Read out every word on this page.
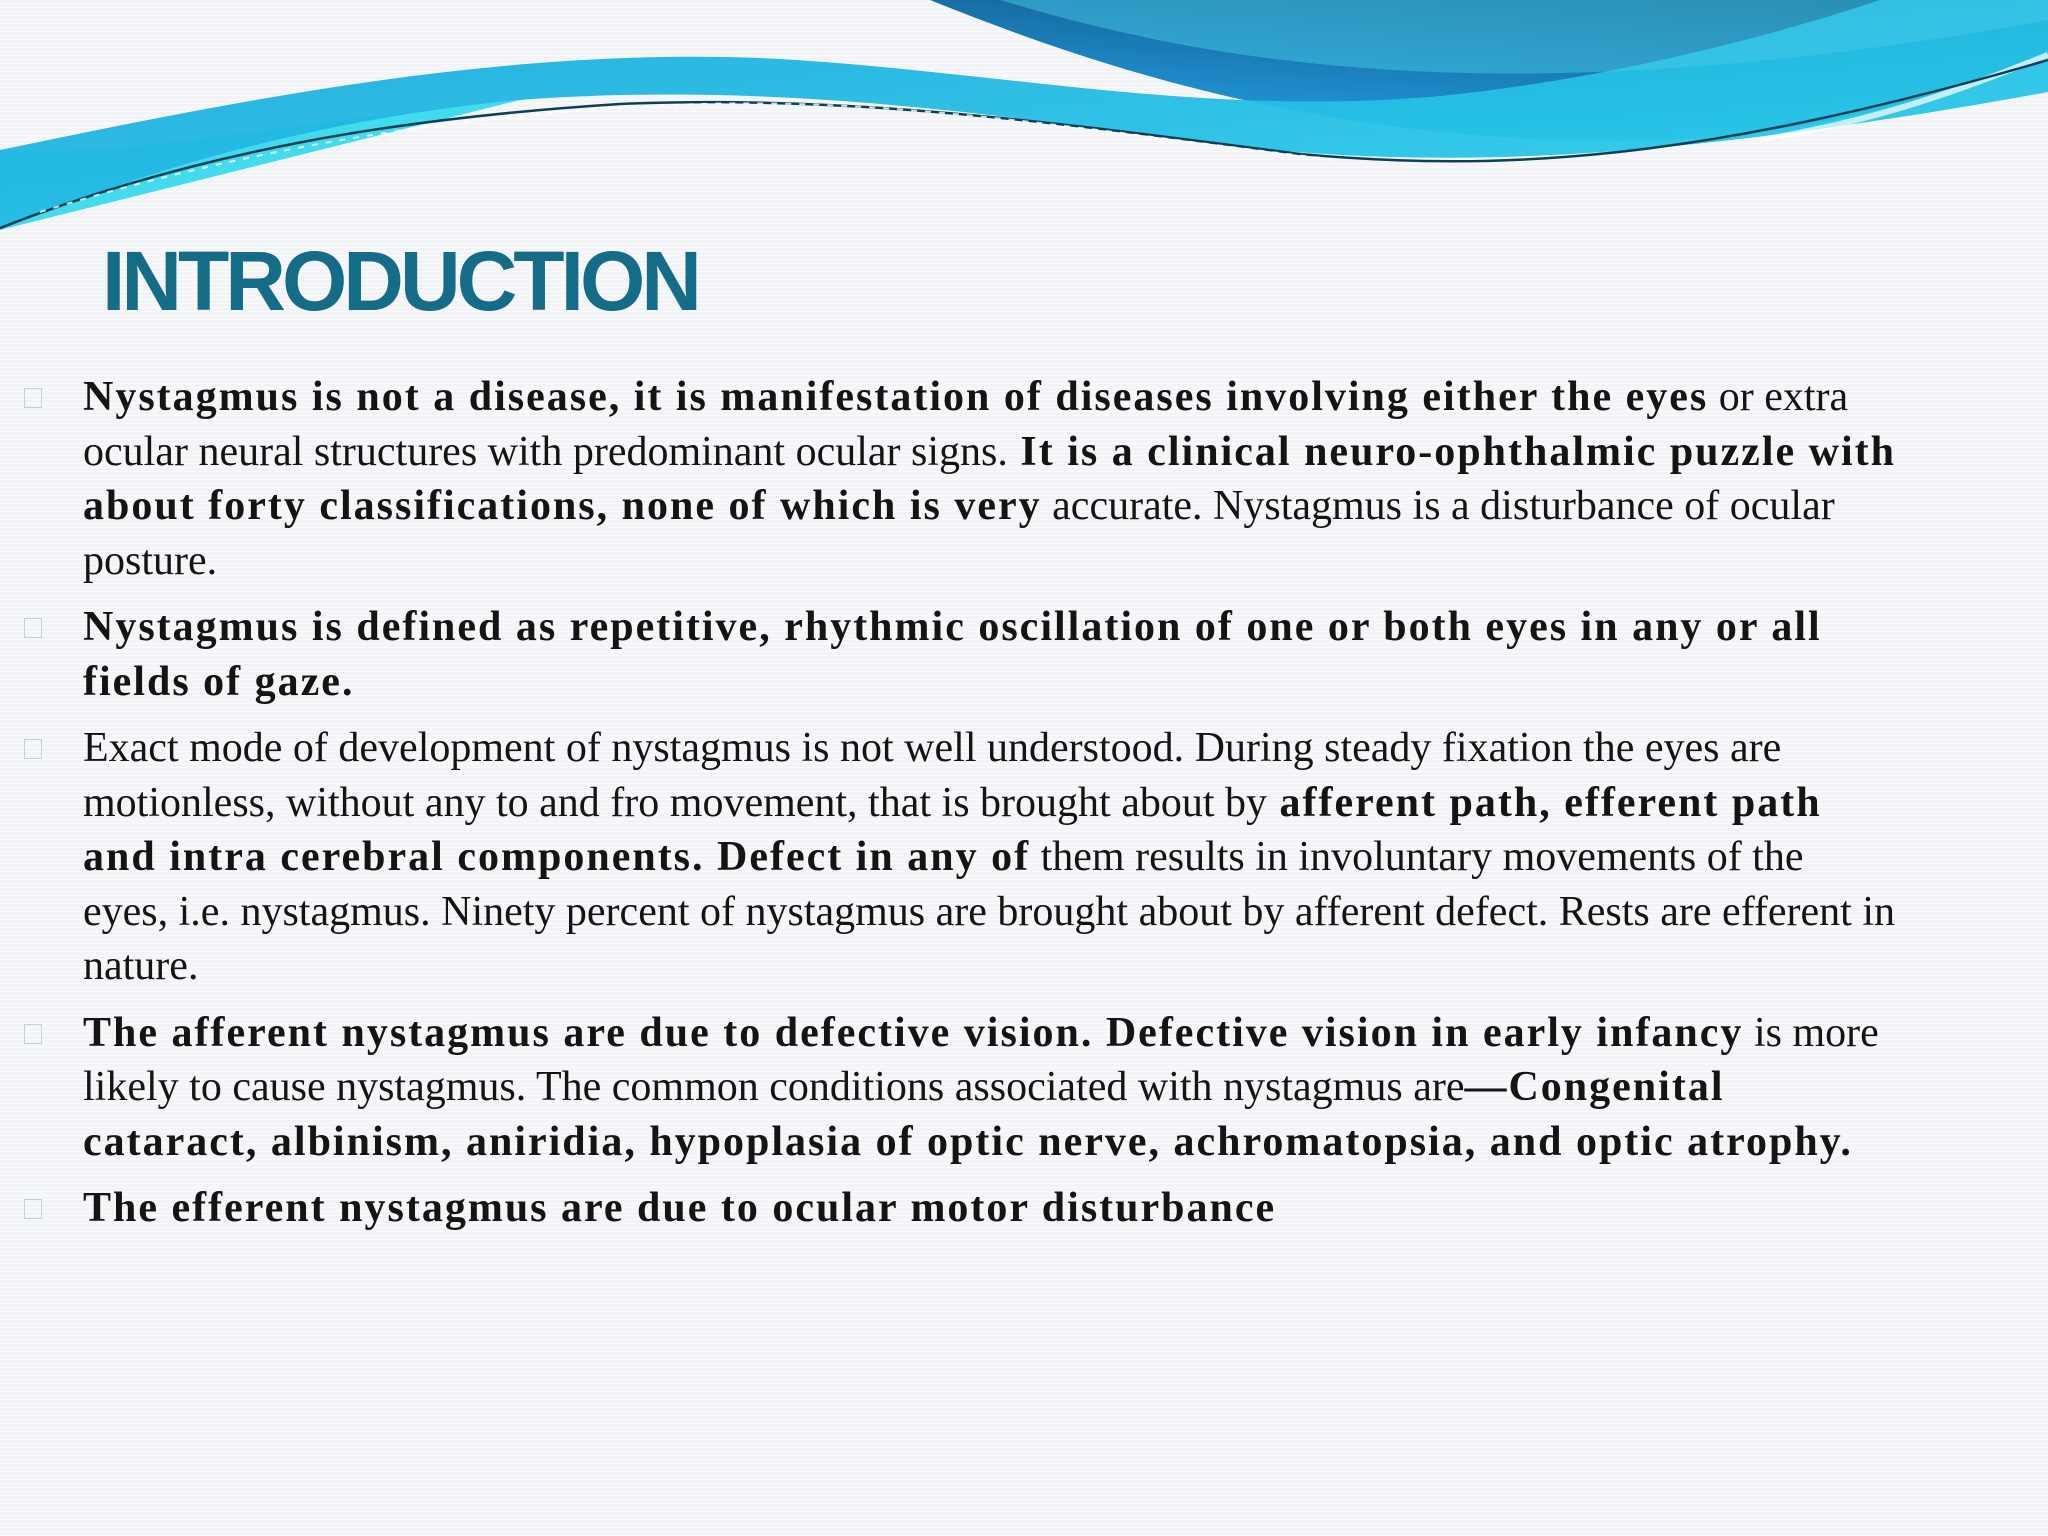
INTRODUCTION
Nystagmus is not a disease, it is manifestation of diseases involving either the eyes or extra ocular neural structures with predominant ocular signs. It is a clinical neuro-ophthalmic puzzle with about forty classifications, none of which is very accurate. Nystagmus is a disturbance of ocular posture.
Nystagmus is defined as repetitive, rhythmic oscillation of one or both eyes in any or all fields of gaze.
Exact mode of development of nystagmus is not well understood. During steady fixation the eyes are motionless, without any to and fro movement, that is brought about by afferent path, efferent path and intra cerebral components. Defect in any of them results in involuntary movements of the eyes, i.e. nystagmus. Ninety percent of nystagmus are brought about by afferent defect. Rests are efferent in nature.
The afferent nystagmus are due to defective vision. Defective vision in early infancy is more likely to cause nystagmus. The common conditions associated with nystagmus are—Congenital cataract, albinism, aniridia, hypoplasia of optic nerve, achromatopsia, and optic atrophy.
The efferent nystagmus are due to ocular motor disturbance
